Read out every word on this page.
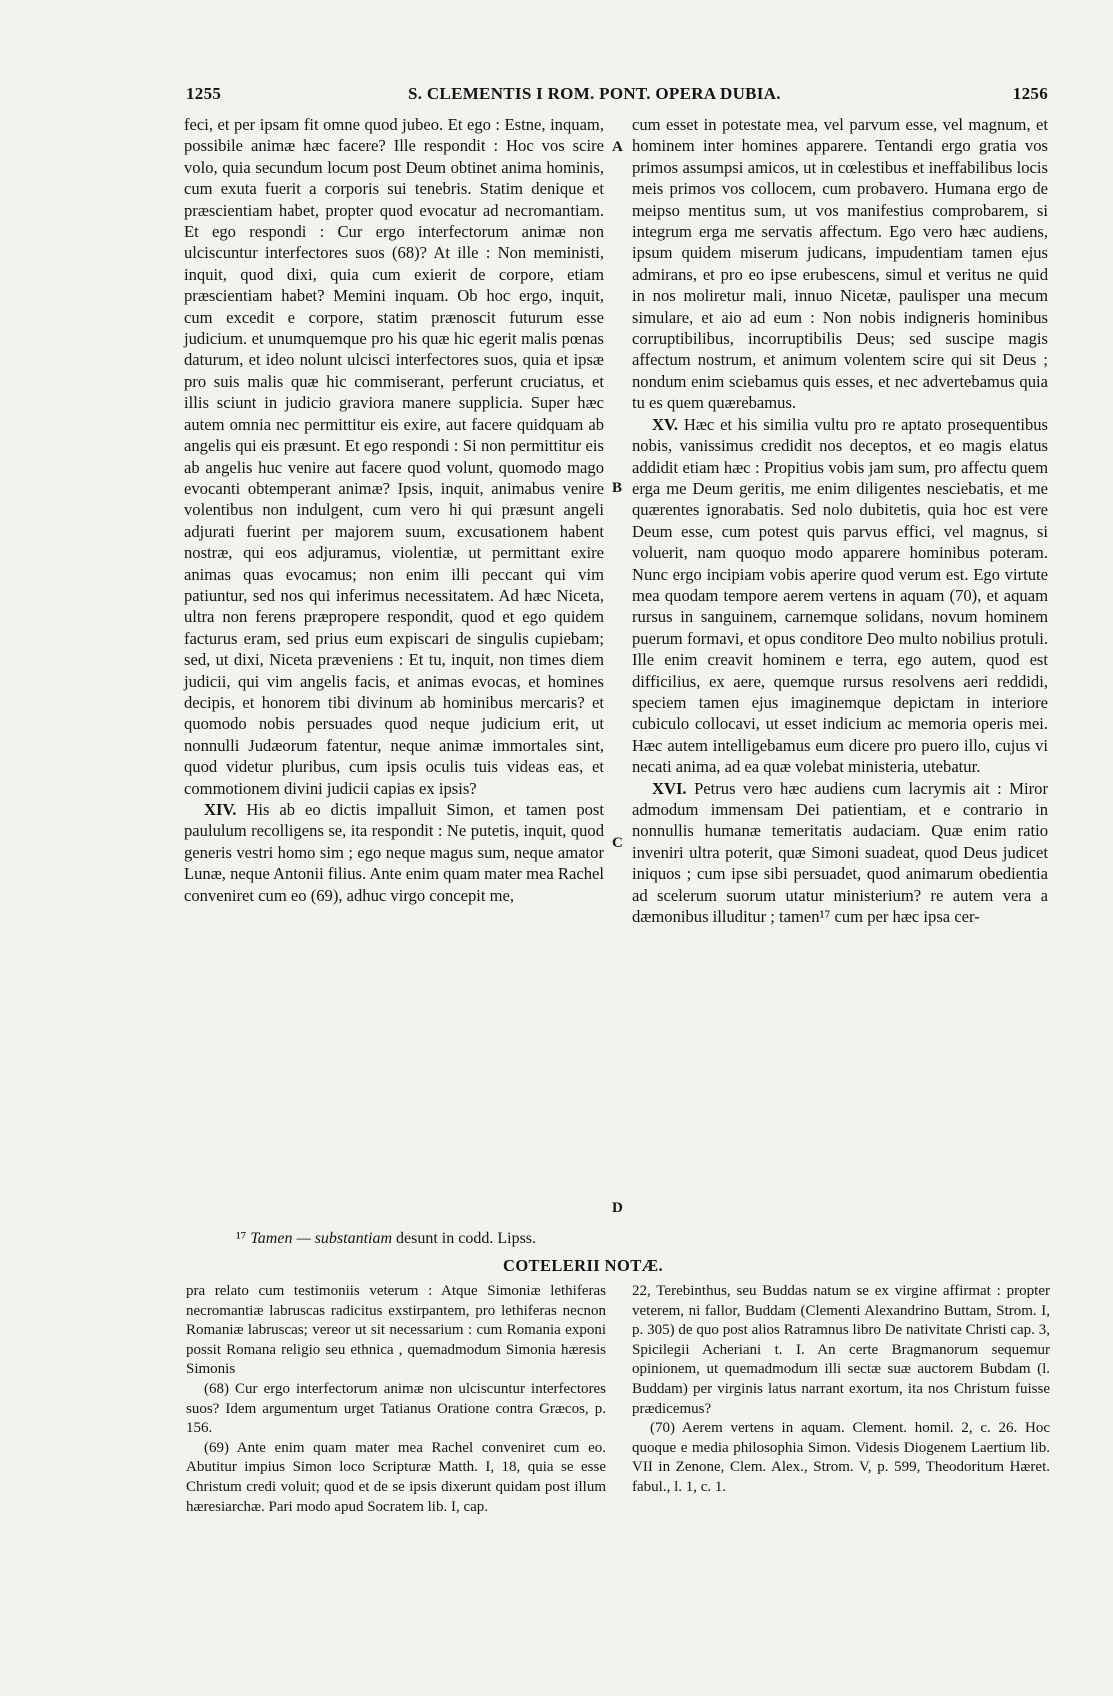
1255	S. CLEMENTIS I ROM. PONT. OPERA DUBIA.	1256

feci, et per ipsam fit omne quod jubeo. Et ego : Estne, inquam, possibile animæ hæc facere? Ille respondit : Hoc vos scire volo, quia secundum locum post Deum obtinet anima hominis, cum exuta fuerit a corporis sui tenebris. Statim denique et præscientiam habet, propter quod evocatur ad necromantiam. Et ego respondi : Cur ergo interfectorum animæ non ulciscuntur interfectores suos (68)? At ille : Non meministi, inquit, quod dixi, quia cum exierit de corpore, etiam præscientiam habet? Memini inquam. Ob hoc ergo, inquit, cum excedit e corpore, statim prænoscit futurum esse judicium. et unumquemque pro his quæ hic egerit malis pœnas daturum, et ideo nolunt ulcisci interfectores suos, quia et ipsæ pro suis malis quæ hic commiserant, perferunt cruciatus, et illis sciunt in judicio graviora manere supplicia. Super hæc autem omnia nec permittitur eis exire, aut facere quidquam ab angelis qui eis præsunt. Et ego respondi : Si non permittitur eis ab angelis huc venire aut facere quod volunt, quomodo mago evocanti obtemperant animæ? Ipsis, inquit, animabus venire volentibus non indulgent, cum vero hi qui præsunt angeli adjurati fuerint per majorem suum, excusationem habent nostræ, qui eos adjuramus, violentiæ, ut permittant exire animas quas evocamus; non enim illi peccant qui vim patiuntur, sed nos qui inferimus necessitatem. Ad hæc Niceta, ultra non ferens præpropere respondit, quod et ego quidem facturus eram, sed prius eum expiscari de singulis cupiebam; sed, ut dixi, Niceta præveniens : Et tu, inquit, non times diem judicii, qui vim angelis facis, et animas evocas, et homines decipis, et honorem tibi divinum ab hominibus mercaris? et quomodo nobis persuades quod neque judicium erit, ut nonnulli Judæorum fatentur, neque animæ immortales sint, quod videtur pluribus, cum ipsis oculis tuis videas eas, et commotionem divini judicii capias ex ipsis?

XIV. His ab eo dictis impalluit Simon, et tamen post paululum recolligens se, ita respondit : Ne putetis, inquit, quod generis vestri homo sim ; ego neque magus sum, neque amator Lunæ, neque Antonii filius. Ante enim quam mater mea Rachel conveniret cum eo (69), adhuc virgo concepit me,

cum esset in potestate mea, vel parvum esse, vel magnum, et hominem inter homines apparere. Tentandi ergo gratia vos primos assumpsi amicos, ut in cœlestibus et ineffabilibus locis meis primos vos collocem, cum probavero. Humana ergo de meipso mentitus sum, ut vos manifestius comprobarem, si integrum erga me servatis affectum. Ego vero hæc audiens, ipsum quidem miserum judicans, impudentiam tamen ejus admirans, et pro eo ipse erubescens, simul et veritus ne quid in nos moliretur mali, innuo Nicetæ, paulisper una mecum simulare, et aio ad eum : Non nobis indigneris hominibus corruptibilibus, incorruptibilis Deus; sed suscipe magis affectum nostrum, et animum volentem scire qui sit Deus ; nondum enim sciebamus quis esses, et nec advertebamus quia tu es quem quærebamus.

XV. Hæc et his similia vultu pro re aptato prosequentibus nobis, vanissimus credidit nos deceptos, et eo magis elatus addidit etiam hæc : Propitius vobis jam sum, pro affectu quem erga me Deum geritis, me enim diligentes nesciebatis, et me quærentes ignorabatis. Sed nolo dubitetis, quia hoc est vere Deum esse, cum potest quis parvus effici, vel magnus, si voluerit, nam quoquo modo apparere hominibus poteram. Nunc ergo incipiam vobis aperire quod verum est. Ego virtute mea quodam tempore aerem vertens in aquam (70), et aquam rursus in sanguinem, carnemque solidans, novum hominem puerum formavi, et opus conditore Deo multo nobilius protuli. Ille enim creavit hominem e terra, ego autem, quod est difficilius, ex aere, quemque rursus resolvens aeri reddidi, speciem tamen ejus imaginemque depictam in interiore cubiculo collocavi, ut esset indicium ac memoria operis mei. Hæc autem intelligebamus eum dicere pro puero illo, cujus vi necati anima, ad ea quæ volebat ministeria, utebatur.

XVI. Petrus vero hæc audiens cum lacrymis ait : Miror admodum immensam Dei patientiam, et e contrario in nonnullis humanæ temeritatis audaciam. Quæ enim ratio inveniri ultra poterit, quæ Simoni suadeat, quod Deus judicet iniquos ; cum ipse sibi persuadet, quod animarum obedientia ad scelerum suorum utatur ministerium? re autem vera a dæmonibus illuditur ; tamen¹⁷ cum per hæc ipsa cer-

A
B
C
D
¹⁷ Tamen — substantiam desunt in codd. Lipss.
COTELERII NOTÆ.

pra relato cum testimoniis veterum : Atque Simoniæ lethiferas necromantiæ labruscas radicitus exstirpantem, pro lethiferas necnon Romaniæ labruscas; vereor ut sit necessarium : cum Romania exponi possit Romana religio seu ethnica , quemadmodum Simonia hæresis Simonis

(68) Cur ergo interfectorum animæ non ulciscuntur interfectores suos? Idem argumentum urget Tatianus Oratione contra Græcos, p. 156.

(69) Ante enim quam mater mea Rachel conveniret cum eo. Abutitur impius Simon loco Scripturæ Matth. I, 18, quia se esse Christum credi voluit; quod et de se ipsis dixerunt quidam post illum hæresiarchæ. Pari modo apud Socratem lib. I, cap.

22, Terebinthus, seu Buddas natum se ex virgine affirmat : propter veterem, ni fallor, Buddam (Clementi Alexandrino Buttam, Strom. I, p. 305) de quo post alios Ratramnus libro De nativitate Christi cap. 3, Spicilegii Acheriani t. I. An certe Bragmanorum sequemur opinionem, ut quemadmodum illi sectæ suæ auctorem Bubdam (l. Buddam) per virginis latus narrant exortum, ita nos Christum fuisse prædicemus?

(70) Aerem vertens in aquam. Clement. homil. 2, c. 26. Hoc quoque e media philosophia Simon. Videsis Diogenem Laertium lib. VII in Zenone, Clem. Alex., Strom. V, p. 599, Theodoritum Hæret. fabul., l. 1, c. 1.
